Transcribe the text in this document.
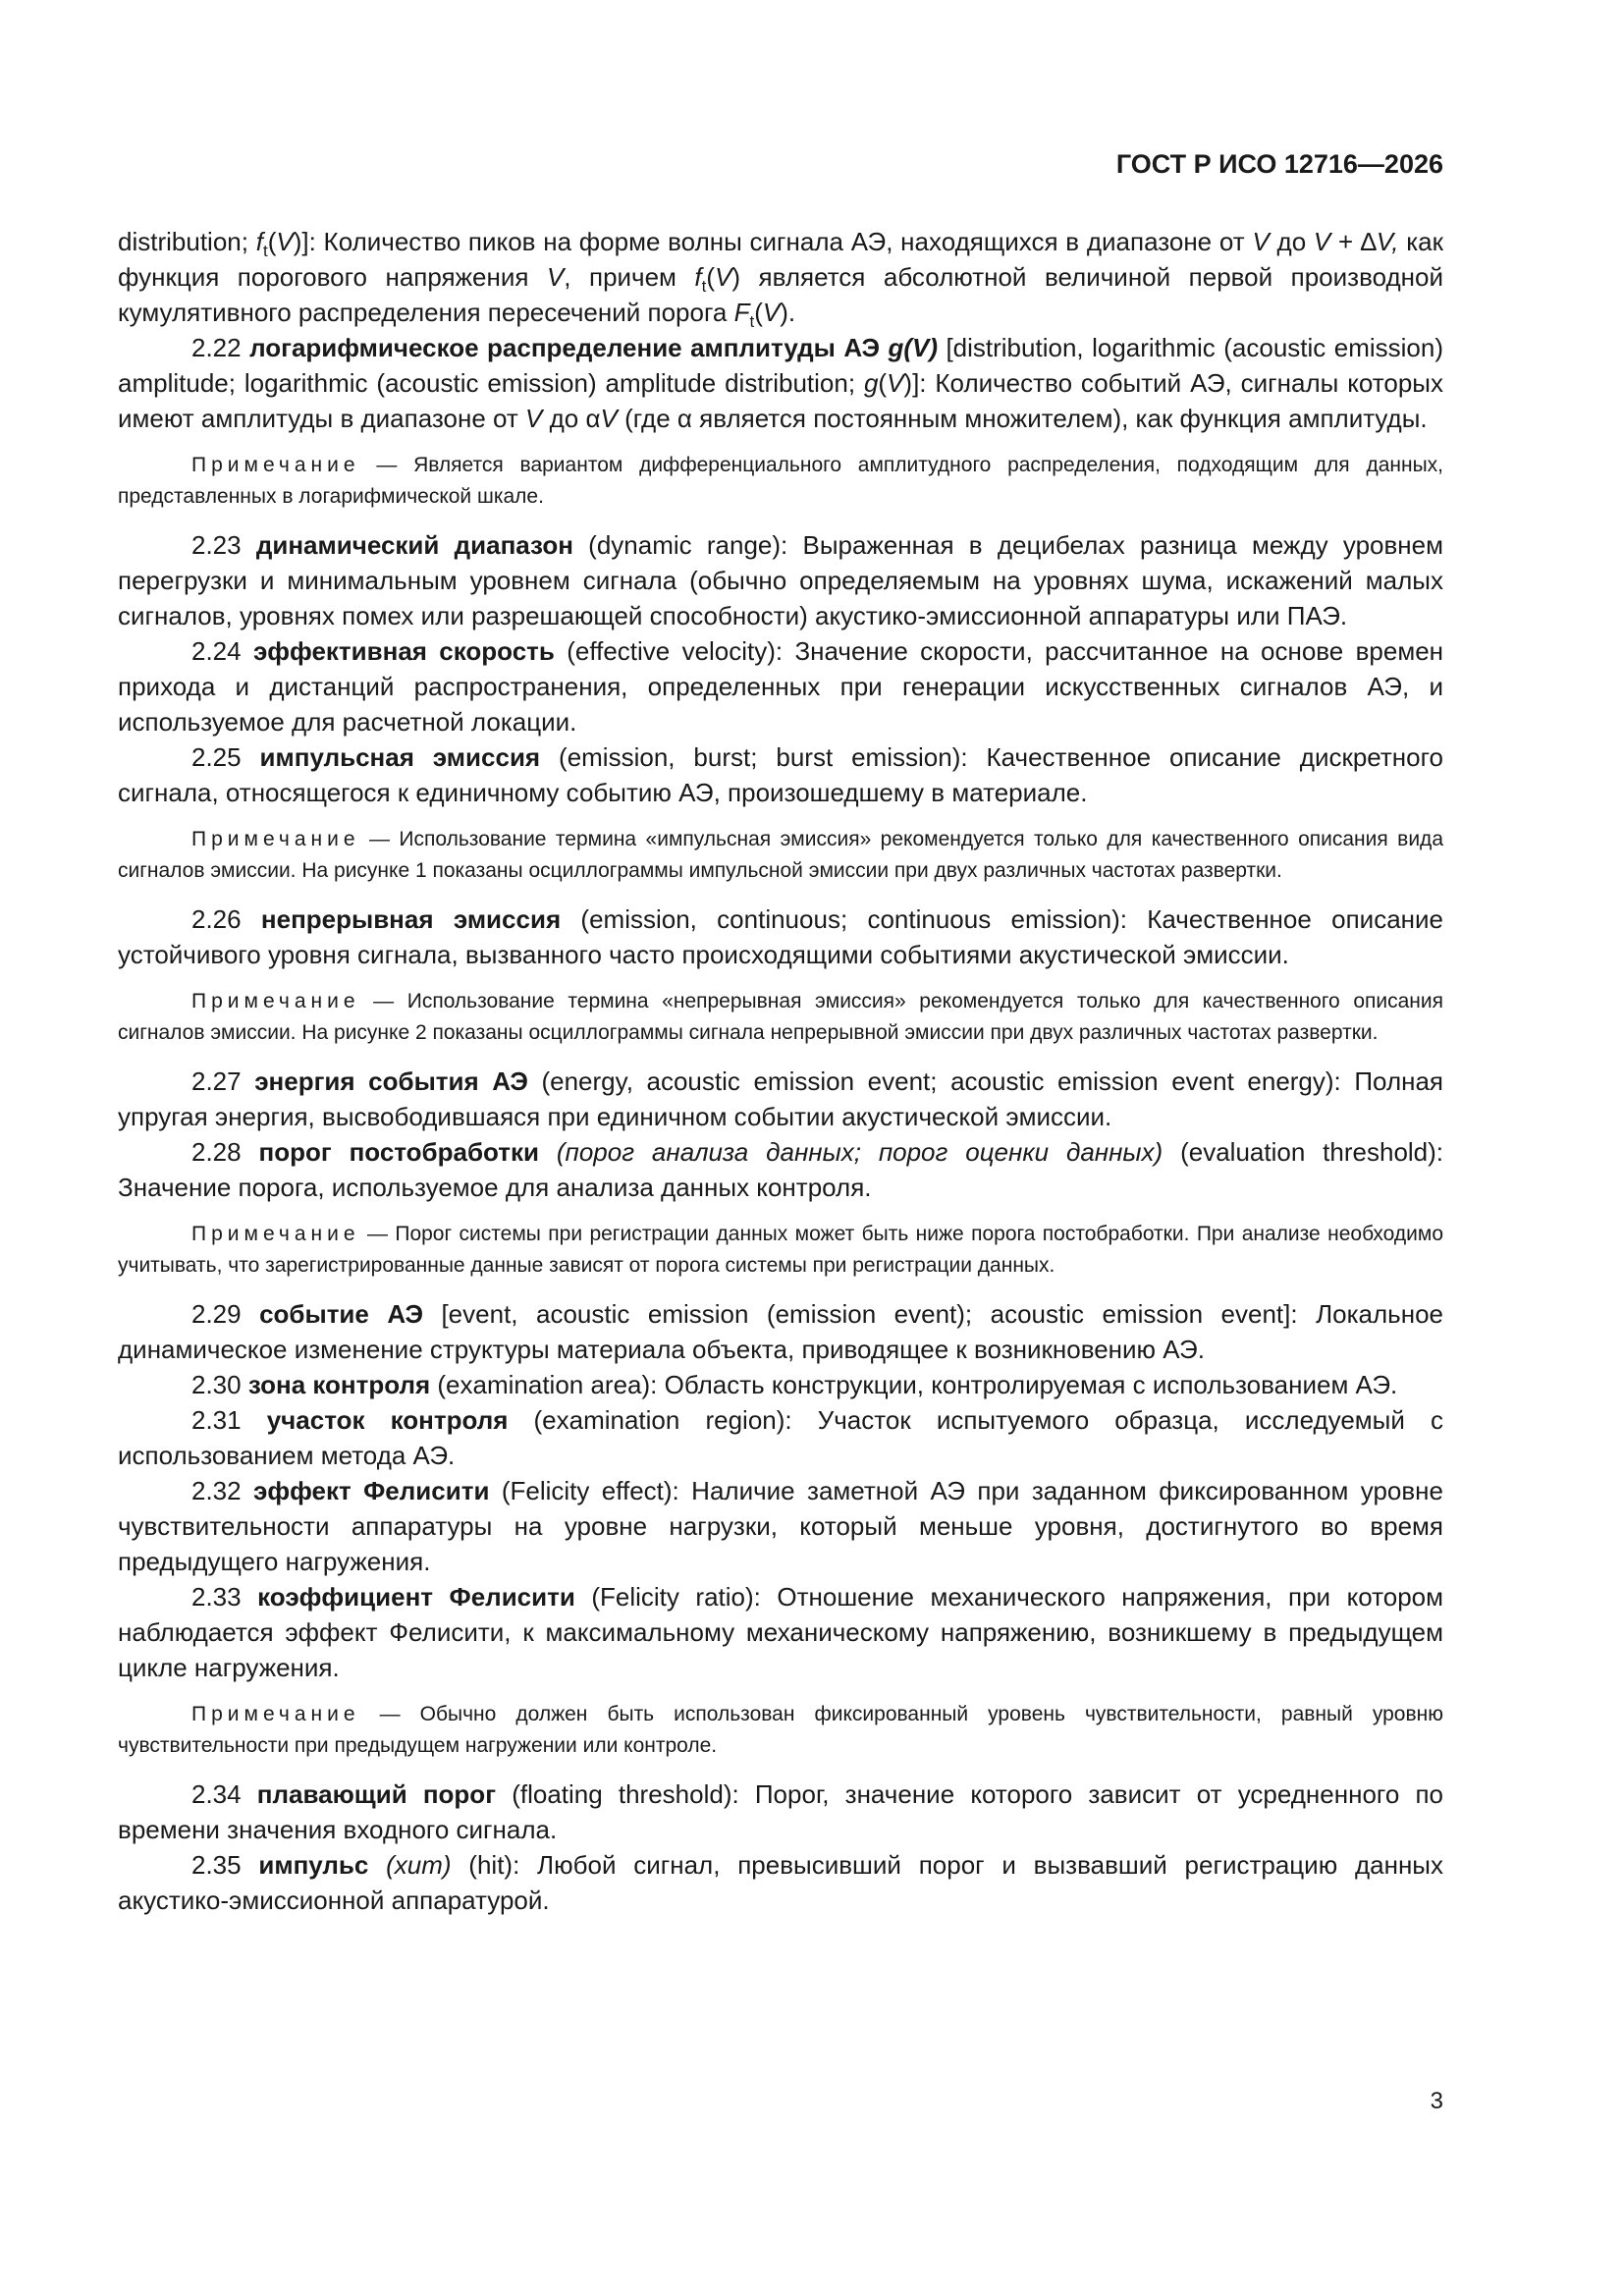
ГОСТ Р ИСО 12716—2026

distribution; $f_t(V)$]: Количество пиков на форме волны сигнала АЭ, находящихся в диапазоне от V до V + ∆V, как функция порогового напряжения V, причем $f_t(V)$ является абсолютной величиной первой производной кумулятивного распределения пересечений порога $F_t(V)$.

2.22 логарифмическое распределение амплитуды АЭ g(V) [distribution, logarithmic (acoustic emission) amplitude; logarithmic (acoustic emission) amplitude distribution; g(V)]: Количество событий АЭ, сигналы которых имеют амплитуды в диапазоне от V до αV (где α является постоянным множителем), как функция амплитуды.

Примечание — Является вариантом дифференциального амплитудного распределения, подходящим для данных, представленных в логарифмической шкале.

2.23 динамический диапазон (dynamic range): Выраженная в децибелах разница между уровнем перегрузки и минимальным уровнем сигнала (обычно определяемым на уровнях шума, искажений малых сигналов, уровнях помех или разрешающей способности) акустико-эмиссионной аппаратуры или ПАЭ.

2.24 эффективная скорость (effective velocity): Значение скорости, рассчитанное на основе времен прихода и дистанций распространения, определенных при генерации искусственных сигналов АЭ, и используемое для расчетной локации.

2.25 импульсная эмиссия (emission, burst; burst emission): Качественное описание дискретного сигнала, относящегося к единичному событию АЭ, произошедшему в материале.

Примечание — Использование термина «импульсная эмиссия» рекомендуется только для качественного описания вида сигналов эмиссии. На рисунке 1 показаны осциллограммы импульсной эмиссии при двух различных частотах развертки.

2.26 непрерывная эмиссия (emission, continuous; continuous emission): Качественное описание устойчивого уровня сигнала, вызванного часто происходящими событиями акустической эмиссии.

Примечание — Использование термина «непрерывная эмиссия» рекомендуется только для качественного описания сигналов эмиссии. На рисунке 2 показаны осциллограммы сигнала непрерывной эмиссии при двух различных частотах развертки.

2.27 энергия события АЭ (energy, acoustic emission event; acoustic emission event energy): Полная упругая энергия, высвободившаяся при единичном событии акустической эмиссии.

2.28 порог постобработки (порог анализа данных; порог оценки данных) (evaluation threshold): Значение порога, используемое для анализа данных контроля.

Примечание — Порог системы при регистрации данных может быть ниже порога постобработки. При анализе необходимо учитывать, что зарегистрированные данные зависят от порога системы при регистрации данных.

2.29 событие АЭ [event, acoustic emission (emission event); acoustic emission event]: Локальное динамическое изменение структуры материала объекта, приводящее к возникновению АЭ.

2.30 зона контроля (examination area): Область конструкции, контролируемая с использованием АЭ.

2.31 участок контроля (examination region): Участок испытуемого образца, исследуемый с использованием метода АЭ.

2.32 эффект Фелисити (Felicity effect): Наличие заметной АЭ при заданном фиксированном уровне чувствительности аппаратуры на уровне нагрузки, который меньше уровня, достигнутого во время предыдущего нагружения.

2.33 коэффициент Фелисити (Felicity ratio): Отношение механического напряжения, при котором наблюдается эффект Фелисити, к максимальному механическому напряжению, возникшему в предыдущем цикле нагружения.

Примечание — Обычно должен быть использован фиксированный уровень чувствительности, равный уровню чувствительности при предыдущем нагружении или контроле.

2.34 плавающий порог (floating threshold): Порог, значение которого зависит от усредненного по времени значения входного сигнала.

2.35 импульс (хит) (hit): Любой сигнал, превысивший порог и вызвавший регистрацию данных акустико-эмиссионной аппаратурой.

3
